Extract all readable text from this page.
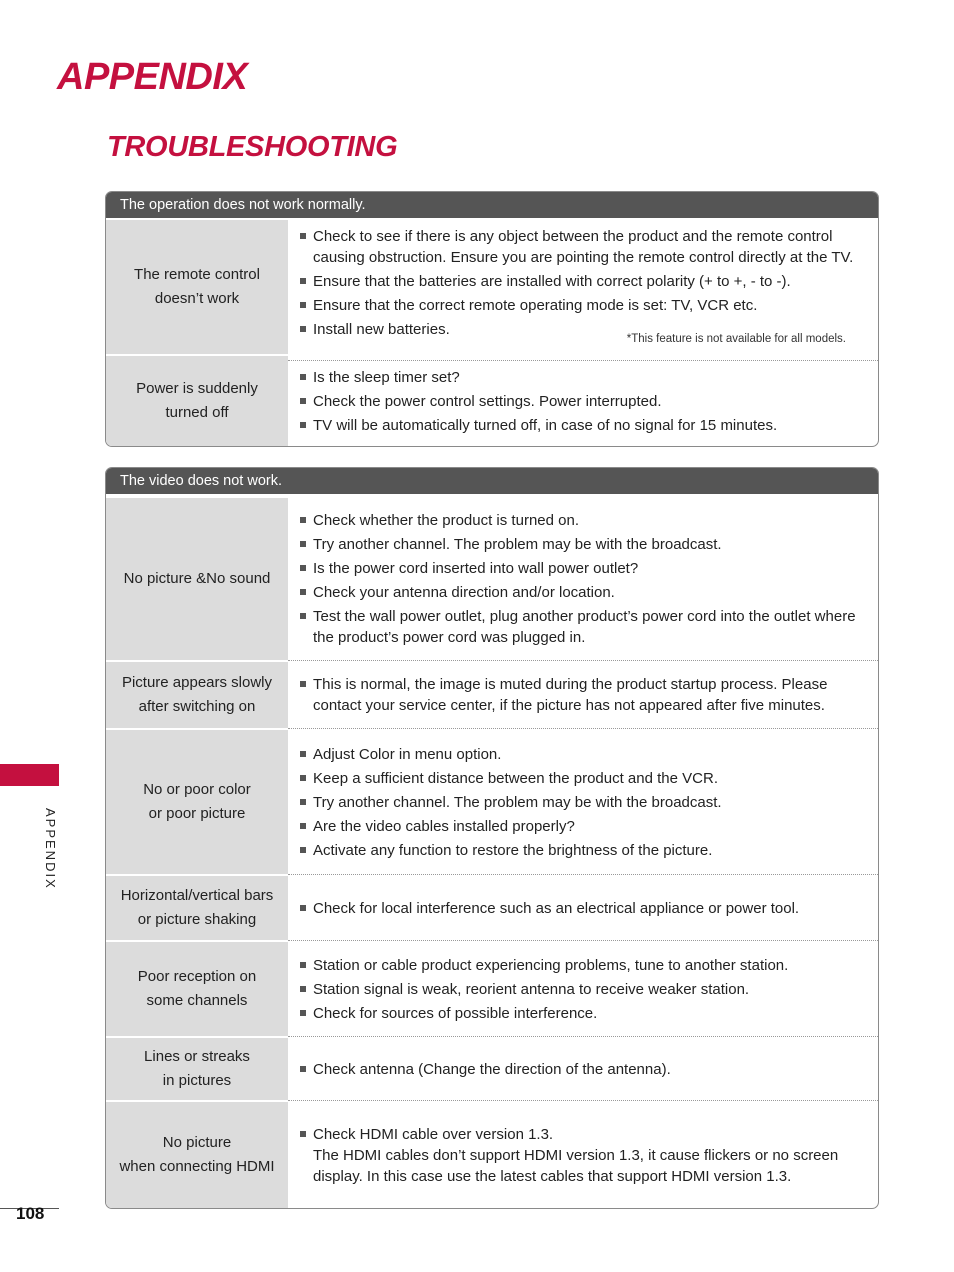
APPENDIX
TROUBLESHOOTING
APPENDIX
108
The operation does not work normally.
The remote control
doesn’t work
Check to see if there is any object between the product and the remote control causing obstruction. Ensure you are pointing the remote control directly at the TV.
Ensure that the batteries are installed with correct polarity (+ to +, - to -).
Ensure that the correct remote operating mode is set: TV, VCR etc.
Install new batteries.
*This feature is not available for all models.
Power is suddenly
turned off
Is the sleep timer set?
Check the power control settings. Power interrupted.
TV will be automatically turned off, in case of no signal for 15 minutes.
The video does not work.
No picture &No sound
Check whether the product is turned on.
Try another channel. The problem may be with the broadcast.
Is the power cord inserted into wall power outlet?
Check your antenna direction and/or location.
Test the wall power outlet, plug another product’s power cord into the outlet where the product’s power cord was plugged in.
Picture appears slowly
after switching on
This is normal, the image is muted during the product startup process. Please contact your service center, if the picture has not appeared after five minutes.
No or poor color
or poor picture
Adjust Color in menu option.
Keep a sufficient distance between the product and the VCR.
Try another channel. The problem may be with the broadcast.
Are the video cables installed properly?
Activate any function to restore the brightness of the picture.
Horizontal/vertical bars
or picture shaking
Check for local interference such as an electrical appliance or power tool.
Poor reception on
some channels
Station or cable product experiencing problems, tune to another station.
Station signal is weak, reorient antenna to receive weaker station.
Check for sources of possible interference.
Lines or streaks
in pictures
Check antenna (Change the direction of the antenna).
No picture
when connecting HDMI
Check HDMI cable over version 1.3.
The HDMI cables don’t support HDMI version 1.3, it cause flickers or no screen display. In this case use the latest cables that support HDMI version 1.3.
